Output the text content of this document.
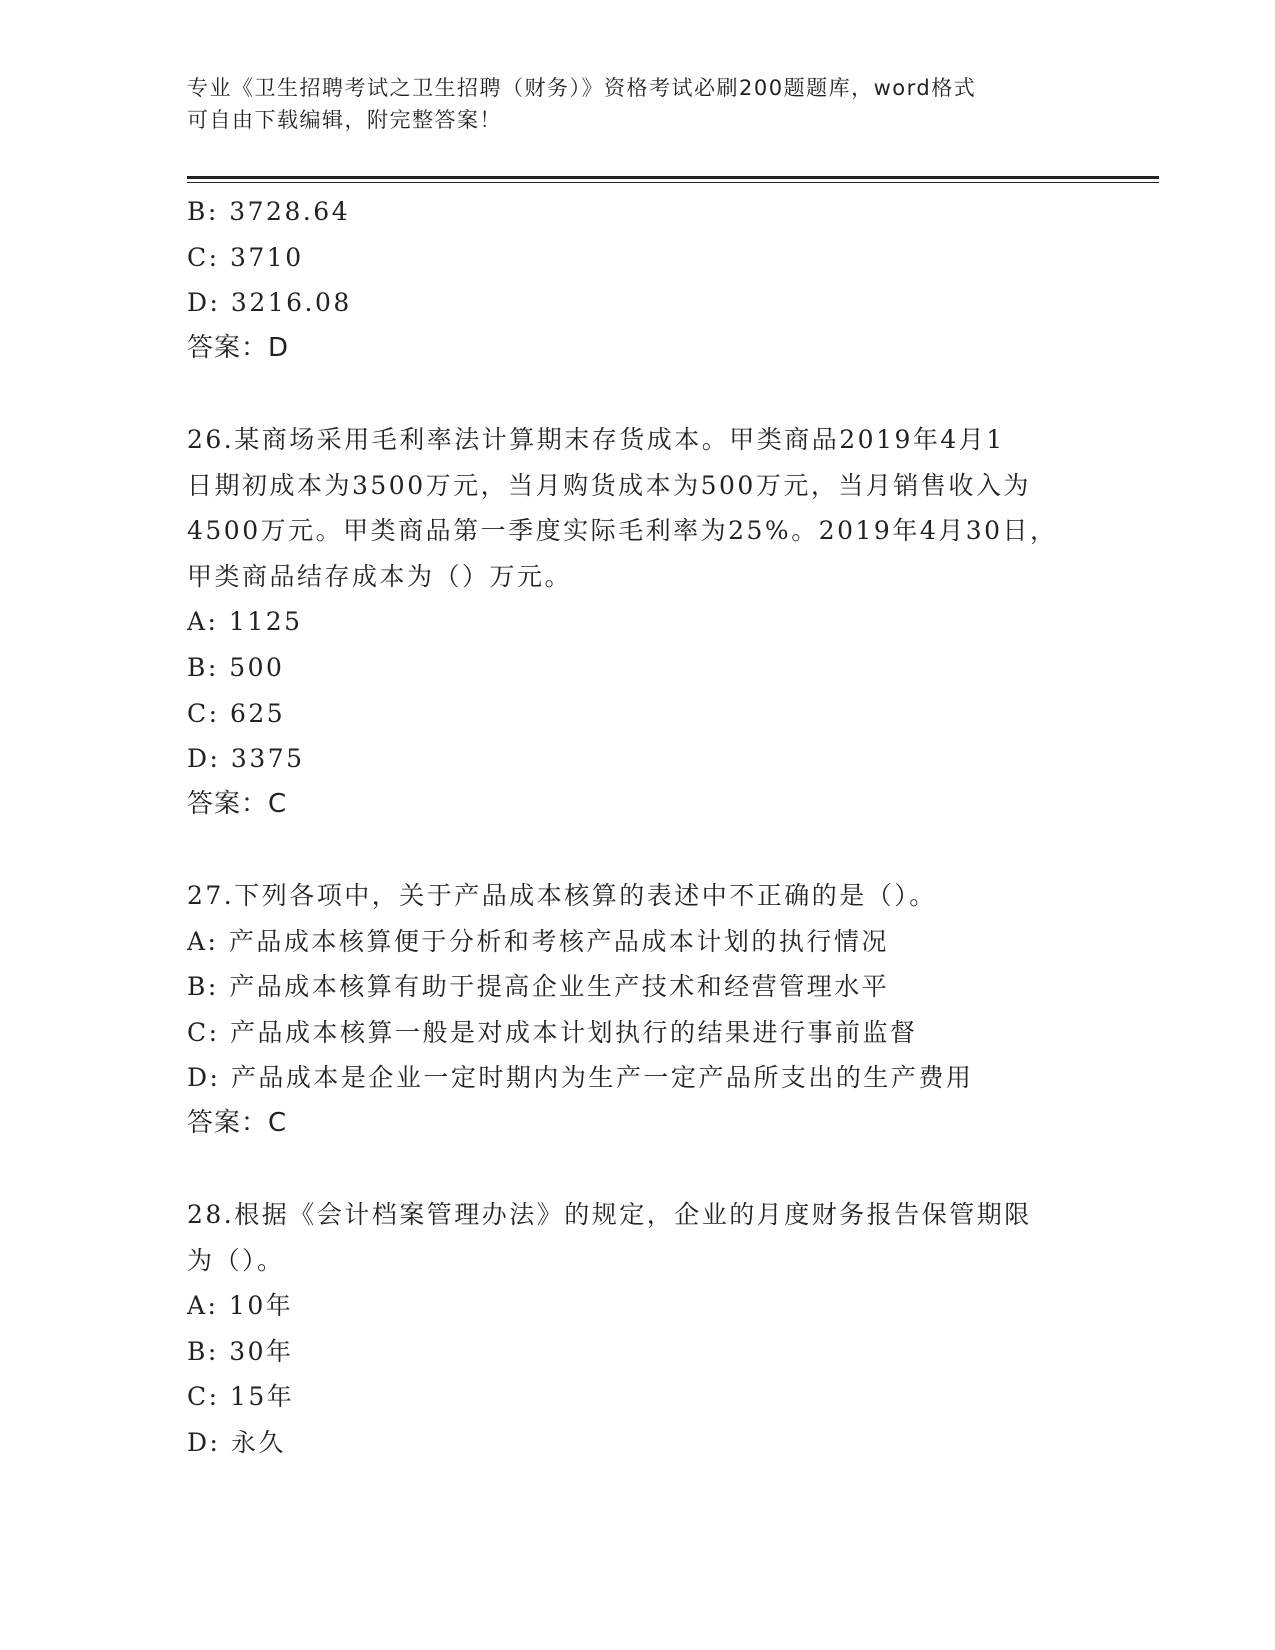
专业《卫生招聘考试之卫生招聘（财务）》资格考试必刷200题题库，word格式
可自由下载编辑，附完整答案！
B: 3728.64
C: 3710
D: 3216.08
答案：D
26.某商场采用毛利率法计算期末存货成本。甲类商品2019年4月1
日期初成本为3500万元，当月购货成本为500万元，当月销售收入为
4500万元。甲类商品第一季度实际毛利率为25%。2019年4月30日，
甲类商品结存成本为（）万元。
A: 1125
B: 500
C: 625
D: 3375
答案：C
27.下列各项中，关于产品成本核算的表述中不正确的是（）。
A: 产品成本核算便于分析和考核产品成本计划的执行情况
B: 产品成本核算有助于提高企业生产技术和经营管理水平
C: 产品成本核算一般是对成本计划执行的结果进行事前监督
D: 产品成本是企业一定时期内为生产一定产品所支出的生产费用
答案：C
28.根据《会计档案管理办法》的规定，企业的月度财务报告保管期限
为（）。
A: 10年
B: 30年
C: 15年
D: 永久
